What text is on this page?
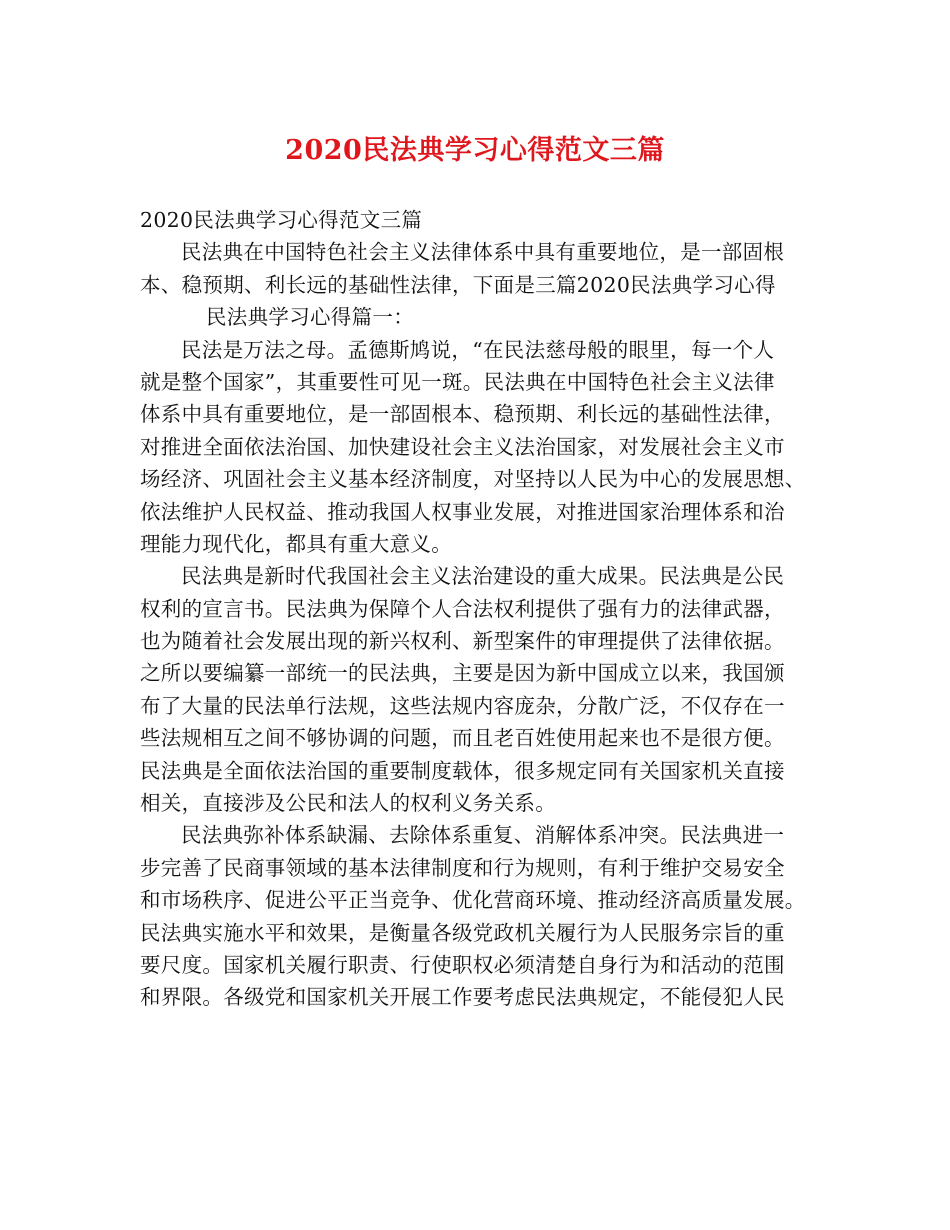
2020民法典学习心得范文三篇
2020民法典学习心得范文三篇
民法典在中国特色社会主义法律体系中具有重要地位，是一部固根
本、稳预期、利长远的基础性法律，下面是三篇2020民法典学习心得
民法典学习心得篇一：
民法是万法之母。孟德斯鸠说，“在民法慈母般的眼里，每一个人
就是整个国家”，其重要性可见一斑。民法典在中国特色社会主义法律
体系中具有重要地位，是一部固根本、稳预期、利长远的基础性法律，
对推进全面依法治国、加快建设社会主义法治国家，对发展社会主义市
场经济、巩固社会主义基本经济制度，对坚持以人民为中心的发展思想、
依法维护人民权益、推动我国人权事业发展，对推进国家治理体系和治
理能力现代化，都具有重大意义。
民法典是新时代我国社会主义法治建设的重大成果。民法典是公民
权利的宣言书。民法典为保障个人合法权利提供了强有力的法律武器，
也为随着社会发展出现的新兴权利、新型案件的审理提供了法律依据。
之所以要编纂一部统一的民法典，主要是因为新中国成立以来，我国颁
布了大量的民法单行法规，这些法规内容庞杂，分散广泛，不仅存在一
些法规相互之间不够协调的问题，而且老百姓使用起来也不是很方便。
民法典是全面依法治国的重要制度载体，很多规定同有关国家机关直接
相关，直接涉及公民和法人的权利义务关系。
民法典弥补体系缺漏、去除体系重复、消解体系冲突。民法典进一
步完善了民商事领域的基本法律制度和行为规则，有利于维护交易安全
和市场秩序、促进公平正当竞争、优化营商环境、推动经济高质量发展。
民法典实施水平和效果，是衡量各级党政机关履行为人民服务宗旨的重
要尺度。国家机关履行职责、行使职权必须清楚自身行为和活动的范围
和界限。各级党和国家机关开展工作要考虑民法典规定，不能侵犯人民
